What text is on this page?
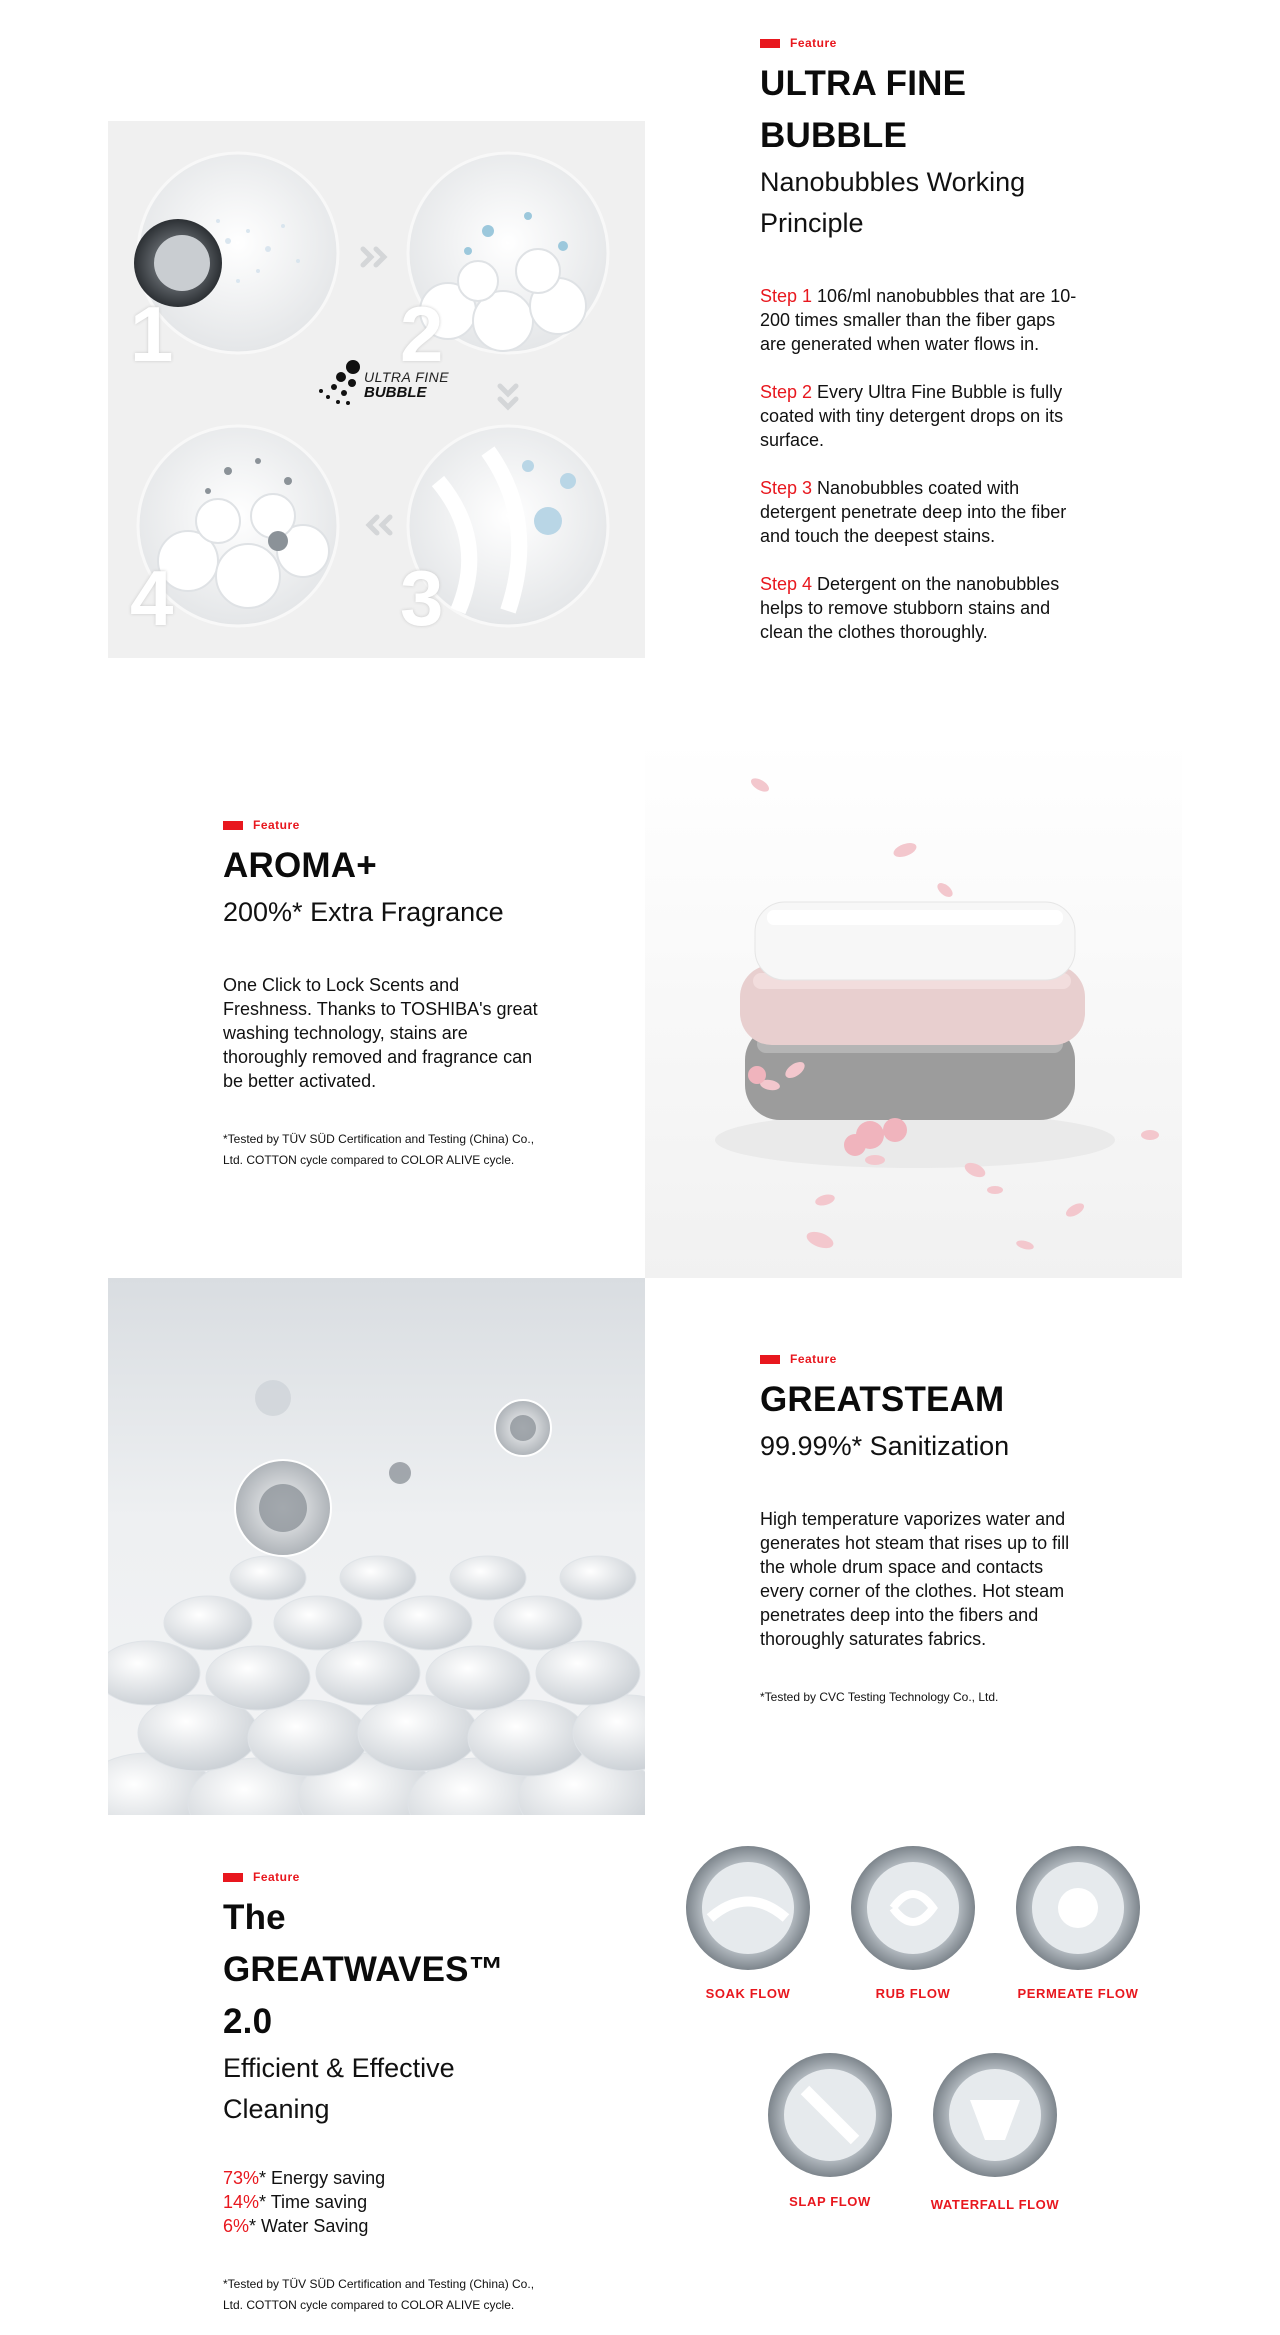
1	2
3
4
ULTRA FINE
BUBBLE
Feature
ULTRA FINE
BUBBLE

Nanobubbles Working
Principle

Step 1 106/ml nanobubbles that are 10-200 times smaller than the fiber gaps are generated when water flows in.

Step 2 Every Ultra Fine Bubble is fully coated with tiny detergent drops on its surface.

Step 3 Nanobubbles coated with detergent penetrate deep into the fiber and touch the deepest stains.

Step 4 Detergent on the nanobubbles helps to remove stubborn stains and clean the clothes thoroughly.

Feature
AROMA+

200%* Extra Fragrance

One Click to Lock Scents and Freshness. Thanks to TOSHIBA's great washing technology, stains are thoroughly removed and fragrance can be better activated.

*Tested by TÜV SÜD Certification and Testing (China) Co., Ltd. COTTON cycle compared to COLOR ALIVE cycle.

Feature
GREATSTEAM

99.99%* Sanitization

High temperature vaporizes water and generates hot steam that rises up to fill the whole drum space and contacts every corner of the clothes. Hot steam penetrates deep into the fibers and thoroughly saturates fabrics.

*Tested by CVC Testing Technology Co., Ltd.

Feature
The GREATWAVES™
2.0

Efficient & Effective
Cleaning

73%* Energy saving

14%* Time saving

6%* Water Saving

*Tested by TÜV SÜD Certification and Testing (China) Co., Ltd. COTTON cycle compared to COLOR ALIVE cycle.

SOAK FLOW	RUB FLOW	PERMEATE FLOW
SLAP FLOW	WATERFALL FLOW
